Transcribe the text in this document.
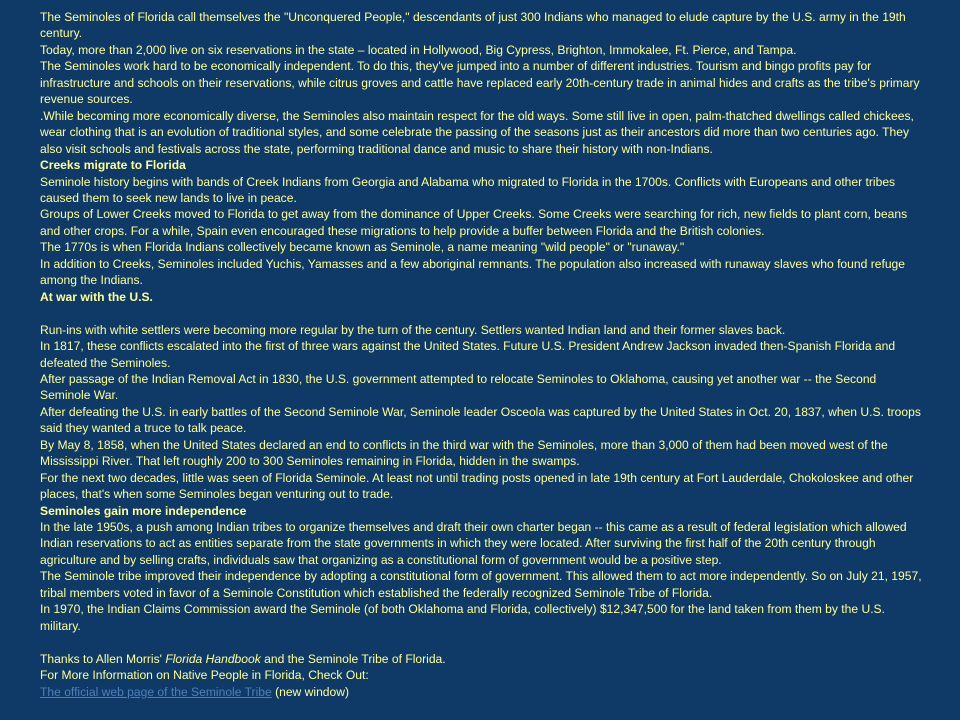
The Seminoles of Florida call themselves the "Unconquered People," descendants of just 300 Indians who managed to elude capture by the U.S. army in the 19th century.

Today, more than 2,000 live on six reservations in the state – located in Hollywood, Big Cypress, Brighton, Immokalee, Ft. Pierce, and Tampa.

The Seminoles work hard to be economically independent. To do this, they've jumped into a number of different industries. Tourism and bingo profits pay for infrastructure and schools on their reservations, while citrus groves and cattle have replaced early 20th-century trade in animal hides and crafts as the tribe's primary revenue sources.

.While becoming more economically diverse, the Seminoles also maintain respect for the old ways. Some still live in open, palm-thatched dwellings called chickees, wear clothing that is an evolution of traditional styles, and some celebrate the passing of the seasons just as their ancestors did more than two centuries ago. They also visit schools and festivals across the state, performing traditional dance and music to share their history with non-Indians.

Creeks migrate to Florida

Seminole history begins with bands of Creek Indians from Georgia and Alabama who migrated to Florida in the 1700s. Conflicts with Europeans and other tribes caused them to seek new lands to live in peace.

Groups of Lower Creeks moved to Florida to get away from the dominance of Upper Creeks. Some Creeks were searching for rich, new fields to plant corn, beans and other crops. For a while, Spain even encouraged these migrations to help provide a buffer between Florida and the British colonies.

The 1770s is when Florida Indians collectively became known as Seminole, a name meaning "wild people" or "runaway."

In addition to Creeks, Seminoles included Yuchis, Yamasses and a few aboriginal remnants. The population also increased with runaway slaves who found refuge among the Indians.

At war with the U.S.

Run-ins with white settlers were becoming more regular by the turn of the century. Settlers wanted Indian land and their former slaves back.

In 1817, these conflicts escalated into the first of three wars against the United States. Future U.S. President Andrew Jackson invaded then-Spanish Florida and defeated the Seminoles.

After passage of the Indian Removal Act in 1830, the U.S. government attempted to relocate Seminoles to Oklahoma, causing yet another war -- the Second Seminole War.

After defeating the U.S. in early battles of the Second Seminole War, Seminole leader Osceola was captured by the United States in Oct. 20, 1837, when U.S. troops said they wanted a truce to talk peace.

By May 8, 1858, when the United States declared an end to conflicts in the third war with the Seminoles, more than 3,000 of them had been moved west of the Mississippi River. That left roughly 200 to 300 Seminoles remaining in Florida, hidden in the swamps.

For the next two decades, little was seen of Florida Seminole. At least not until trading posts opened in late 19th century at Fort Lauderdale, Chokoloskee and other places, that's when some Seminoles began venturing out to trade.

Seminoles gain more independence

In the late 1950s, a push among Indian tribes to organize themselves and draft their own charter began -- this came as a result of federal legislation which allowed Indian reservations to act as entities separate from the state governments in which they were located. After surviving the first half of the 20th century through agriculture and by selling crafts, individuals saw that organizing as a constitutional form of government would be a positive step.

The Seminole tribe improved their independence by adopting a constitutional form of government. This allowed them to act more independently. So on July 21, 1957, tribal members voted in favor of a Seminole Constitution which established the federally recognized Seminole Tribe of Florida.

In 1970, the Indian Claims Commission award the Seminole (of both Oklahoma and Florida, collectively) $12,347,500 for the land taken from them by the U.S. military.

Thanks to Allen Morris' Florida Handbook and the Seminole Tribe of Florida.

For More Information on Native People in Florida, Check Out:

The official web page of the Seminole Tribe (new window)
